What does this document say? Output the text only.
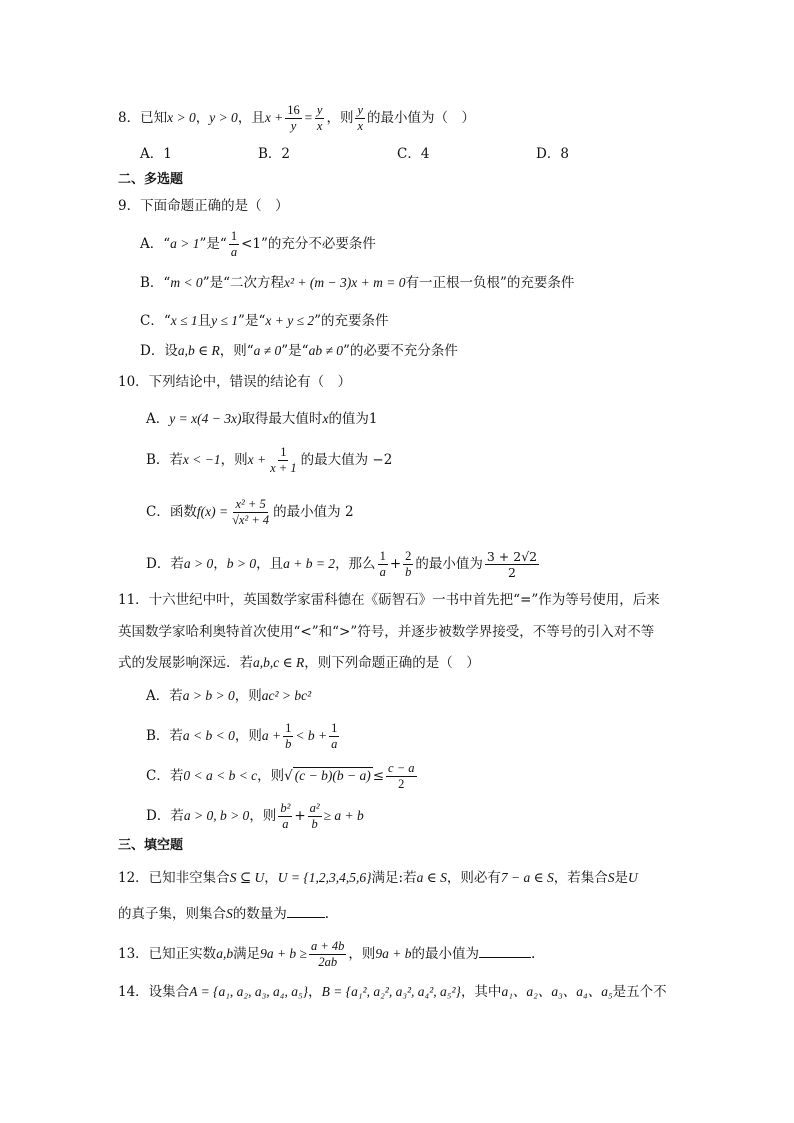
8．已知x > 0，y > 0，且$x + \frac{16}{y} = \frac{y}{x}$ ，则 $\frac{y}{x}$ 的最小值为（　）
A．1	B．2	C．4	D．8
二、多选题
9．下面命题正确的是（　）
A．“a > 1”是“ $\frac{1}{a} <1$”的充分不必要条件
B．“m < 0”是“二次方程x² + (m − 3)x + m = 0有一正根一负根”的充要条件
C．“x ≤ 1且y ≤ 1”是“x + y ≤ 2”的充要条件
D．设a,b ∈ R，则“a ≠ 0”是“ab ≠ 0”的必要不充分条件
10．下列结论中，错误的结论有（　）
A．y = x(4 − 3x)取得最大值时x的值为1
B．若x < −1，则$x + \frac{1}{x + 1}$ 的最大值为 −2
C．函数$f(x) = \frac{\text{x² + 5}}{\text{√x² + 4}}$ 的最小值为 2
D．若a > 0，b > 0，且a + b = 2，那么 $\frac{1}{a} + \frac{2}{b}$ 的最小值为 $\frac{3 + 2√2}{2}$
11．十六世纪中叶，英国数学家雷科德在《砺智石》一书中首先把“=”作为等号使用，后来
英国数学家哈利奥特首次使用“<”和“>”符号，并逐步被数学界接受，不等号的引入对不等
式的发展影响深远．若a,b,c ∈ R，则下列命题正确的是（　）
A．若a > b > 0，则ac² > bc²
B．若a < b < 0，则$a + \frac{1}{b} < b + \frac{1}{a}$
C．若0 < a < b < c，则√ $(c - b)(b - a) \le \frac{c - a}{2}$
D．若a > 0, b > 0，则 $\frac{\text{b²}}{a} + \frac{\text{a²}}{b} \ge a + b$
三、填空题
12．已知非空集合S ⊆ U，U = {1,2,3,4,5,6}满足:若a ∈ S，则必有7 − a ∈ S，若集合S是U
的真子集，则集合S的数量为	.
13．已知正实数a,b满足$9a + b \ge \frac{a + 4b}{2ab}$ ，则9a + b的最小值为	.
14．设集合A = {a₁, a₂, a₃, a₄, a₅}，B = {a₁², a₂², a₃², a₄², a₅²}，其中a₁、a₂、a₃、a₄、a₅是五个不
